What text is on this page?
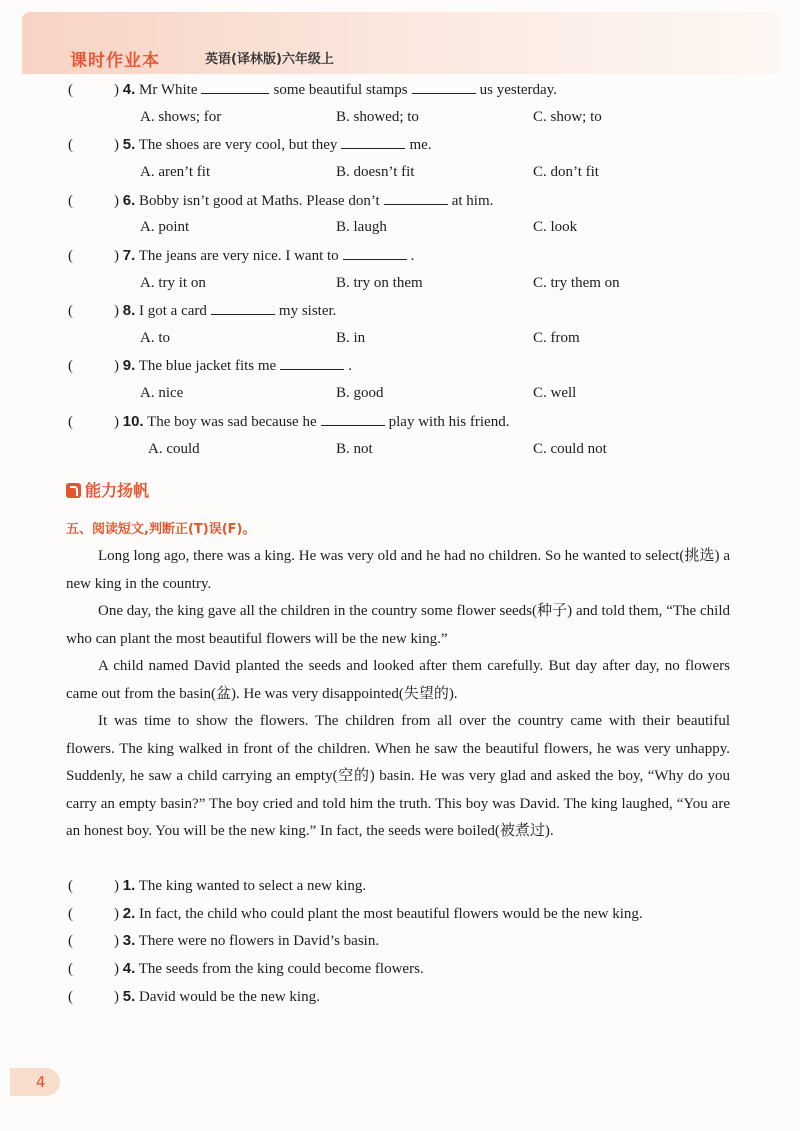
课时作业本	英语(译林版)六年级上
(	) 4. Mr White	some beautiful stamps	us yesterday.
A. shows; for	B. showed; to	C. show; to
(	) 5. The shoes are very cool, but they	me.
A. aren’t fit	B. doesn’t fit	C. don’t fit
(	) 6. Bobby isn’t good at Maths. Please don’t	at him.
A. point	B. laugh	C. look
(	) 7. The jeans are very nice. I want to	.
A. try it on	B. try on them	C. try them on
(	) 8. I got a card	my sister.
A. to	B. in	C. from
(	) 9. The blue jacket fits me	.
A. nice	B. good	C. well
(	) 10. The boy was sad because he	play with his friend.
A. could	B. not	C. could not
能力扬帆
五、阅读短文,判断正(T)误(F)。

Long long ago, there was a king. He was very old and he had no children. So he wanted to select(挑选) a new king in the country.

One day, the king gave all the children in the country some flower seeds(种子) and told them, “The child who can plant the most beautiful flowers will be the new king.”

A child named David planted the seeds and looked after them carefully. But day after day, no flowers came out from the basin(盆). He was very disappointed(失望的).

It was time to show the flowers. The children from all over the country came with their beautiful flowers. The king walked in front of the children. When he saw the beautiful flowers, he was very unhappy. Suddenly, he saw a child carrying an empty(空的) basin. He was very glad and asked the boy, “Why do you carry an empty basin?” The boy cried and told him the truth. This boy was David. The king laughed, “You are an honest boy. You will be the new king.” In fact, the seeds were boiled(被煮过).

(	) 1. The king wanted to select a new king.
(	) 2. In fact, the child who could plant the most beautiful flowers would be the new king.
(	) 3. There were no flowers in David’s basin.
(	) 4. The seeds from the king could become flowers.
(	) 5. David would be the new king.
4
